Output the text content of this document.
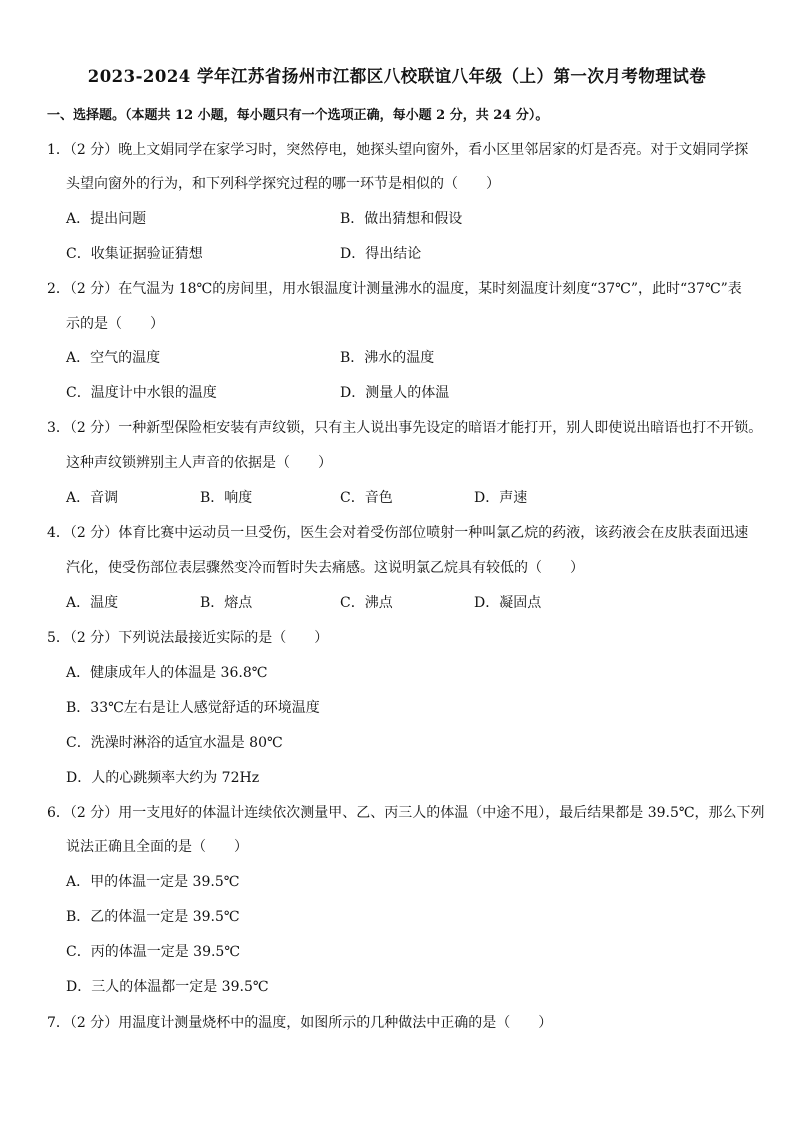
2023-2024 学年江苏省扬州市江都区八校联谊八年级（上）第一次月考物理试卷
一、选择题。（本题共 12 小题，每小题只有一个选项正确，每小题 2 分，共 24 分）。
1．（2 分）晚上文娟同学在家学习时，突然停电，她探头望向窗外，看小区里邻居家的灯是否亮。对于文娟同学探
头望向窗外的行为，和下列科学探究过程的哪一环节是相似的（　　）
A．提出问题	B．做出猜想和假设
C．收集证据验证猜想	D．得出结论
2．（2 分）在气温为 18℃的房间里，用水银温度计测量沸水的温度，某时刻温度计刻度“37℃”，此时“37℃”表
示的是（　　）
A．空气的温度	B．沸水的温度
C．温度计中水银的温度	D．测量人的体温
3．（2 分）一种新型保险柜安装有声纹锁，只有主人说出事先设定的暗语才能打开，别人即使说出暗语也打不开锁。
这种声纹锁辨别主人声音的依据是（　　）
A．音调	B．响度	C．音色	D．声速
4．（2 分）体育比赛中运动员一旦受伤，医生会对着受伤部位喷射一种叫氯乙烷的药液，该药液会在皮肤表面迅速
汽化，使受伤部位表层骤然变冷而暂时失去痛感。这说明氯乙烷具有较低的（　　）
A．温度	B．熔点	C．沸点	D．凝固点
5．（2 分）下列说法最接近实际的是（　　）
A．健康成年人的体温是 36.8℃
B．33℃左右是让人感觉舒适的环境温度
C．洗澡时淋浴的适宜水温是 80℃
D．人的心跳频率大约为 72Hz
6．（2 分）用一支甩好的体温计连续依次测量甲、乙、丙三人的体温（中途不甩），最后结果都是 39.5℃，那么下列
说法正确且全面的是（　　）
A．甲的体温一定是 39.5℃
B．乙的体温一定是 39.5℃
C．丙的体温一定是 39.5℃
D．三人的体温都一定是 39.5℃
7．（2 分）用温度计测量烧杯中的温度，如图所示的几种做法中正确的是（　　）
